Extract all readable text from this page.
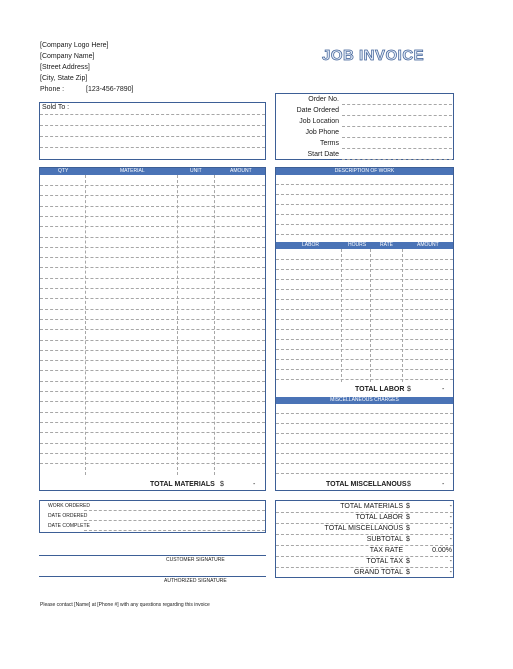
[Company Logo Here]
[Company Name]
[Street Address]
[City, State Zip]
Phone :	[123-456-7890]
JOB INVOICE
Sold To :
Order No.
Date Ordered
Job Location
Job Phone
Terms
Start Date
QTY	MATERIAL	UNIT	AMOUNT
TOTAL MATERIALS $	-
DESCRIPTION OF WORK
LABOR	HOURS	RATE	AMOUNT
TOTAL LABOR $	-
MISCELLANEOUS CHARGES
TOTAL MISCELLANOUS $	-
WORK ORDERED
DATE ORDERED
DATE COMPLETE
CUSTOMER SIGNATURE
AUTHORIZED SIGNATURE
TOTAL MATERIALS $	-
TOTAL LABOR $	-
TOTAL MISCELLANOUS $	-
SUBTOTAL $	-
TAX RATE	0.00%
TOTAL TAX $	-
GRAND TOTAL $	-
Please contact [Name] at [Phone #] with any questions regarding this invoice
